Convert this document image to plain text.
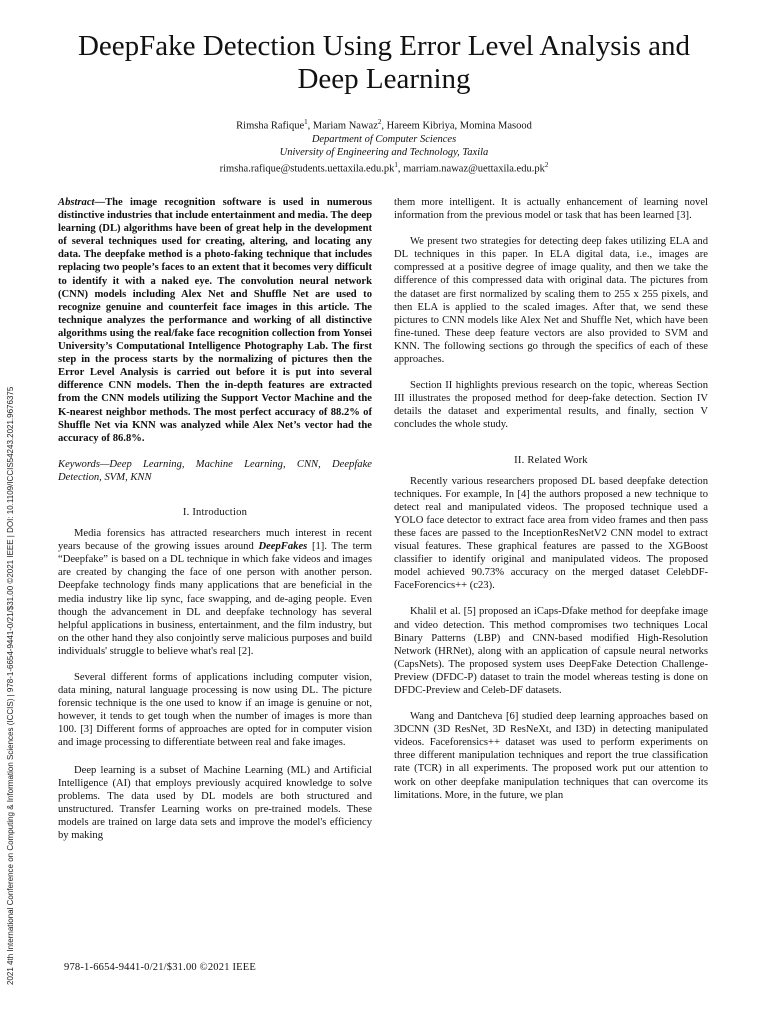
DeepFake Detection Using Error Level Analysis and Deep Learning
Rimsha Rafique$^1$, Mariam Nawaz$^2$, Hareem Kibriya, Momina Masood
Department of Computer Sciences
University of Engineering and Technology, Taxila
$rimsha.rafique@students.uettaxila.edu.pk^1$, $marriam.nawaz@uettaxila.edu.pk^2$
2021 4th International Conference on Computing & Information Sciences (ICCIS) | 978-1-6654-9441-0/21/$31.00 ©2021 IEEE | DOI: 10.1109/ICCIS54243.2021.9676375

Abstract—The image recognition software is used in numerous distinctive industries that include entertainment and media. The deep learning (DL) algorithms have been of great help in the development of several techniques used for creating, altering, and locating any data. The deepfake method is a photo-faking technique that includes replacing two people’s faces to an extent that it becomes very difficult to identify it with a naked eye. The convolution neural network (CNN) models including Alex Net and Shuffle Net are used to recognize genuine and counterfeit face images in this article. The technique analyzes the performance and working of all distinctive algorithms using the real/fake face recognition collection from Yonsei University’s Computational Intelligence Photography Lab. The first step in the process starts by the normalizing of pictures then the Error Level Analysis is carried out before it is put into several difference CNN models. Then the in-depth features are extracted from the CNN models utilizing the Support Vector Machine and the K-nearest neighbor methods. The most perfect accuracy of 88.2% of Shuffle Net via KNN was analyzed while Alex Net’s vector had the accuracy of 86.8%.

Keywords—Deep Learning, Machine Learning, CNN, Deepfake Detection, SVM, KNN

I. Introduction

Media forensics has attracted researchers much interest in recent years because of the growing issues around DeepFakes [1]. The term “Deepfake” is based on a DL technique in which fake videos and images are created by changing the face of one person with another person. Deepfake technology finds many applications that are beneficial in the media industry like lip sync, face swapping, and de-aging people. Even though the advancement in DL and deepfake technology has several helpful applications in business, entertainment, and the film industry, but on the other hand they also conjointly serve malicious purposes and build individuals' struggle to believe what's real [2].

Several different forms of applications including computer vision, data mining, natural language processing is now using DL. The picture forensic technique is the one used to know if an image is genuine or not, however, it tends to get tough when the number of images is more than 100. [3] Different forms of approaches are opted for in computer vision and image processing to differentiate between real and fake images.

Deep learning is a subset of Machine Learning (ML) and Artificial Intelligence (AI) that employs previously acquired knowledge to solve problems. The data used by DL models are both structured and unstructured. Transfer Learning works on pre-trained models. These models are trained on large data sets and improve the model's efficiency by making

them more intelligent. It is actually enhancement of learning novel information from the previous model or task that has been learned [3].

We present two strategies for detecting deep fakes utilizing ELA and DL techniques in this paper. In ELA digital data, i.e., images are compressed at a positive degree of image quality, and then we take the difference of this compressed data with original data. The pictures from the dataset are first normalized by scaling them to 255 x 255 pixels, and then ELA is applied to the scaled images. After that, we send these pictures to CNN models like Alex Net and Shuffle Net, which have been fine-tuned. These deep feature vectors are also provided to SVM and KNN. The following sections go through the specifics of each of these approaches.

Section II highlights previous research on the topic, whereas Section III illustrates the proposed method for deep-fake detection. Section IV details the dataset and experimental results, and finally, section V concludes the whole study.

II. Related Work

Recently various researchers proposed DL based deepfake detection techniques. For example, In [4] the authors proposed a new technique to detect real and manipulated videos. The proposed technique used a YOLO face detector to extract face area from video frames and then pass these faces are passed to the InceptionResNetV2 CNN model to extract visual features. These graphical features are passed to the XGBoost classifier to identify original and manipulated videos. The proposed model achieved 90.73% accuracy on the merged dataset CelebDF-FaceForencics++ (c23).

Khalil et al. [5] proposed an iCaps-Dfake method for deepfake image and video detection. This method compromises two techniques Local Binary Patterns (LBP) and CNN-based modified High-Resolution Network (HRNet), along with an application of capsule neural networks (CapsNets). The proposed system uses DeepFake Detection Challenge-Preview (DFDC-P) dataset to train the model whereas testing is done on DFDC-Preview and Celeb-DF datasets.

Wang and Dantcheva [6] studied deep learning approaches based on 3DCNN (3D ResNet, 3D ResNeXt, and I3D) in detecting manipulated videos. Faceforensics++ dataset was used to perform experiments on three different manipulation techniques and report the true classification rate (TCR) in all experiments. The proposed work put our attention to work on other deepfake manipulation techniques that can overcome its limitations. More, in the future, we plan

978-1-6654-9441-0/21/$31.00 ©2021 IEEE
